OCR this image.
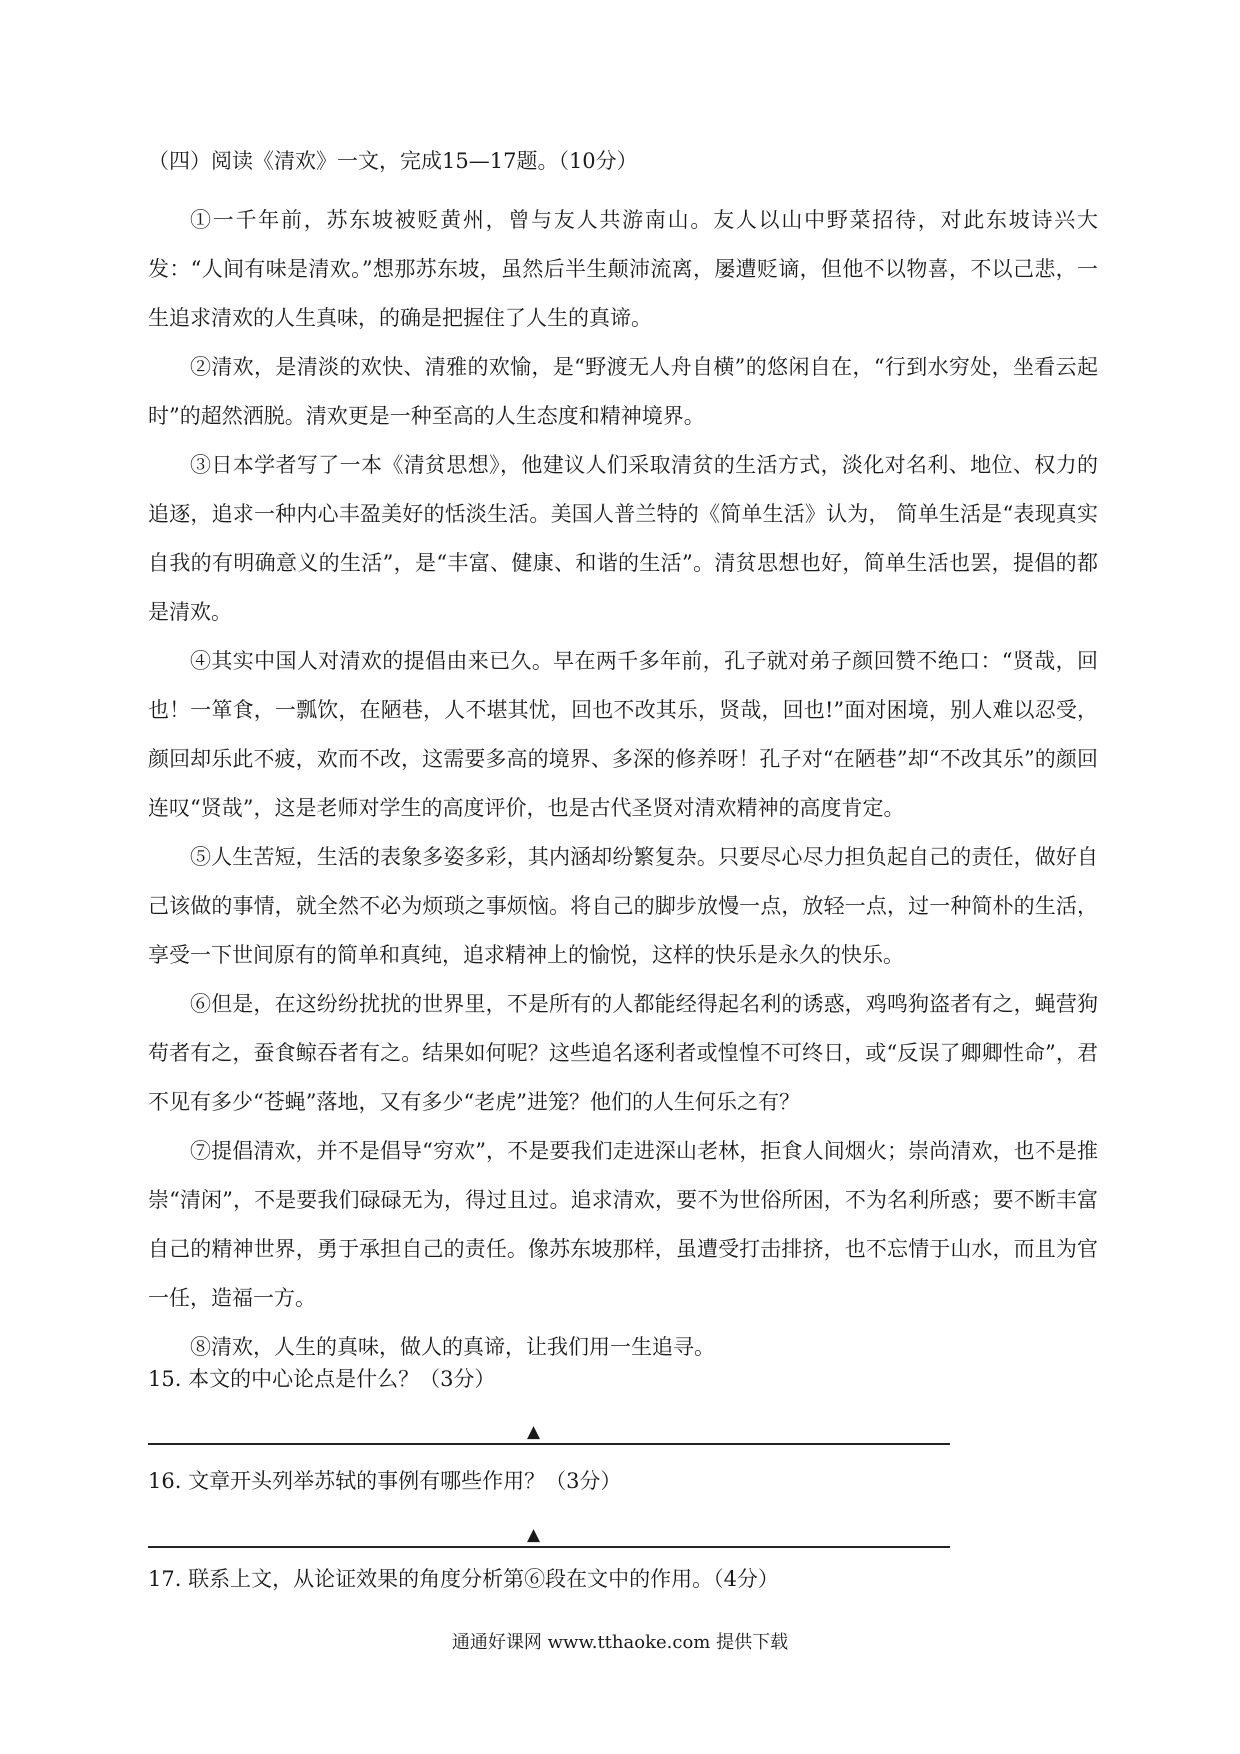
（四）阅读《清欢》一文，完成15—17题。（10分）

①一千年前，苏东坡被贬黄州，曾与友人共游南山。友人以山中野菜招待，对此东坡诗兴大发：“人间有味是清欢。”想那苏东坡，虽然后半生颠沛流离，屡遭贬谪，但他不以物喜，不以己悲，一生追求清欢的人生真味，的确是把握住了人生的真谛。

②清欢，是清淡的欢快、清雅的欢愉，是“野渡无人舟自横”的悠闲自在，“行到水穷处，坐看云起时”的超然洒脱。清欢更是一种至高的人生态度和精神境界。

③日本学者写了一本《清贫思想》，他建议人们采取清贫的生活方式，淡化对名利、地位、权力的追逐，追求一种内心丰盈美好的恬淡生活。美国人普兰特的《简单生活》认为， 简单生活是“表现真实自我的有明确意义的生活”，是“丰富、健康、和谐的生活”。清贫思想也好，简单生活也罢，提倡的都是清欢。

④其实中国人对清欢的提倡由来已久。早在两千多年前，孔子就对弟子颜回赞不绝口：“贤哉，回也！一箪食，一瓢饮，在陋巷，人不堪其忧，回也不改其乐，贤哉，回也!”面对困境，别人难以忍受，颜回却乐此不疲，欢而不改，这需要多高的境界、多深的修养呀！孔子对“在陋巷”却“不改其乐”的颜回连叹“贤哉”，这是老师对学生的高度评价，也是古代圣贤对清欢精神的高度肯定。

⑤人生苦短，生活的表象多姿多彩，其内涵却纷繁复杂。只要尽心尽力担负起自己的责任，做好自己该做的事情，就全然不必为烦琐之事烦恼。将自己的脚步放慢一点，放轻一点，过一种简朴的生活，享受一下世间原有的简单和真纯，追求精神上的愉悦，这样的快乐是永久的快乐。

⑥但是，在这纷纷扰扰的世界里，不是所有的人都能经得起名利的诱惑，鸡鸣狗盗者有之，蝇营狗苟者有之，蚕食鲸吞者有之。结果如何呢？这些追名逐利者或惶惶不可终日，或“反误了卿卿性命”，君不见有多少“苍蝇”落地，又有多少“老虎”进笼？他们的人生何乐之有？

⑦提倡清欢，并不是倡导“穷欢”，不是要我们走进深山老林，拒食人间烟火；崇尚清欢，也不是推崇“清闲”，不是要我们碌碌无为，得过且过。追求清欢，要不为世俗所困，不为名利所惑；要不断丰富自己的精神世界，勇于承担自己的责任。像苏东坡那样，虽遭受打击排挤，也不忘情于山水，而且为官一任，造福一方。

⑧清欢，人生的真味，做人的真谛，让我们用一生追寻。

15. 本文的中心论点是什么？（3分）
▲
16. 文章开头列举苏轼的事例有哪些作用？（3分）
▲
17. 联系上文，从论证效果的角度分析第⑥段在文中的作用。（4分）
通通好课网 www.tthaoke.com 提供下载
